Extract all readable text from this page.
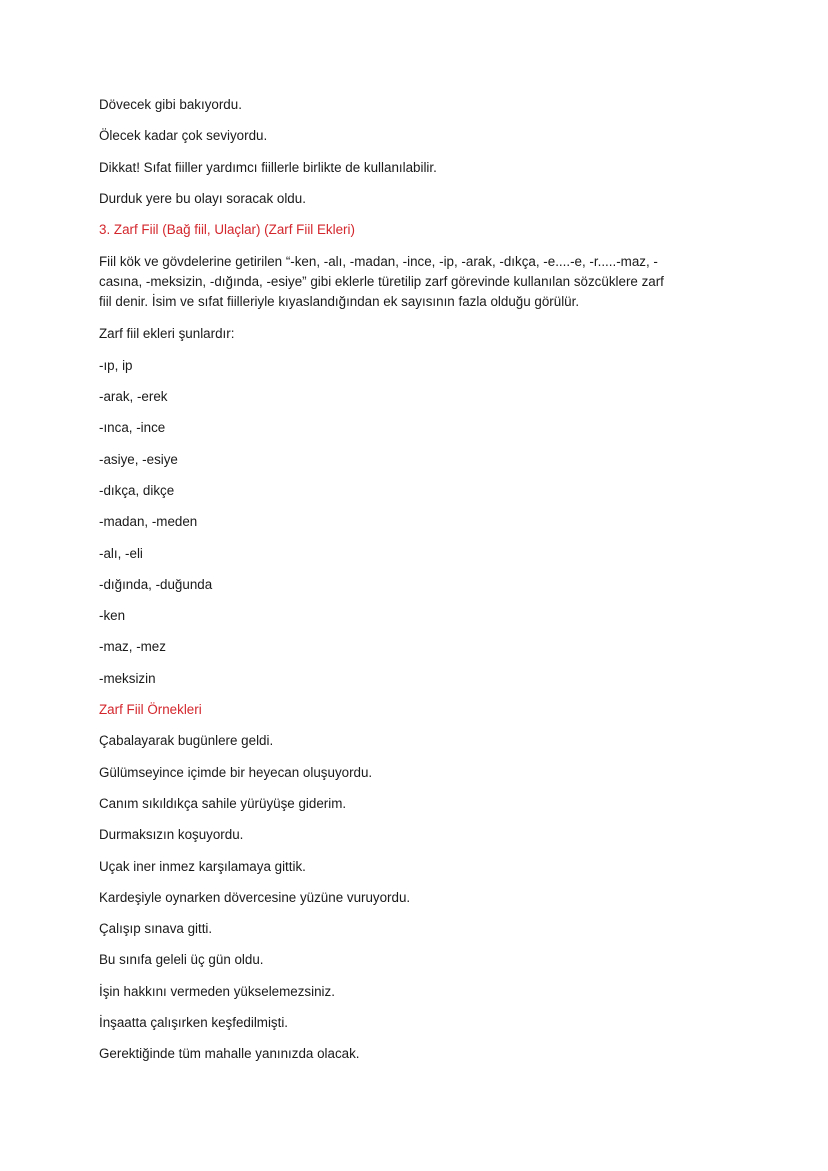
Dövecek gibi bakıyordu.
Ölecek kadar çok seviyordu.
Dikkat! Sıfat fiiller yardımcı fiillerle birlikte de kullanılabilir.
Durduk yere bu olayı soracak oldu.
3. Zarf Fiil (Bağ fiil, Ulaçlar) (Zarf Fiil Ekleri)
Fiil kök ve gövdelerine getirilen “-ken, -alı, -madan, -ince, -ip, -arak, -dıkça, -e....-e, -r.....-maz, -
casına, -meksizin, -dığında, -esiye” gibi eklerle türetilip zarf görevinde kullanılan sözcüklere zarf
fiil denir. İsim ve sıfat fiilleriyle kıyaslandığından ek sayısının fazla olduğu görülür.
Zarf fiil ekleri şunlardır:
-ıp, ip
-arak, -erek
-ınca, -ince
-asiye, -esiye
-dıkça, dikçe
-madan, -meden
-alı, -eli
-dığında, -duğunda
-ken
-maz, -mez
-meksizin
Zarf Fiil Örnekleri
Çabalayarak bugünlere geldi.
Gülümseyince içimde bir heyecan oluşuyordu.
Canım sıkıldıkça sahile yürüyüşe giderim.
Durmaksızın koşuyordu.
Uçak iner inmez karşılamaya gittik.
Kardeşiyle oynarken dövercesine yüzüne vuruyordu.
Çalışıp sınava gitti.
Bu sınıfa geleli üç gün oldu.
İşin hakkını vermeden yükselemezsiniz.
İnşaatta çalışırken keşfedilmişti.
Gerektiğinde tüm mahalle yanınızda olacak.
